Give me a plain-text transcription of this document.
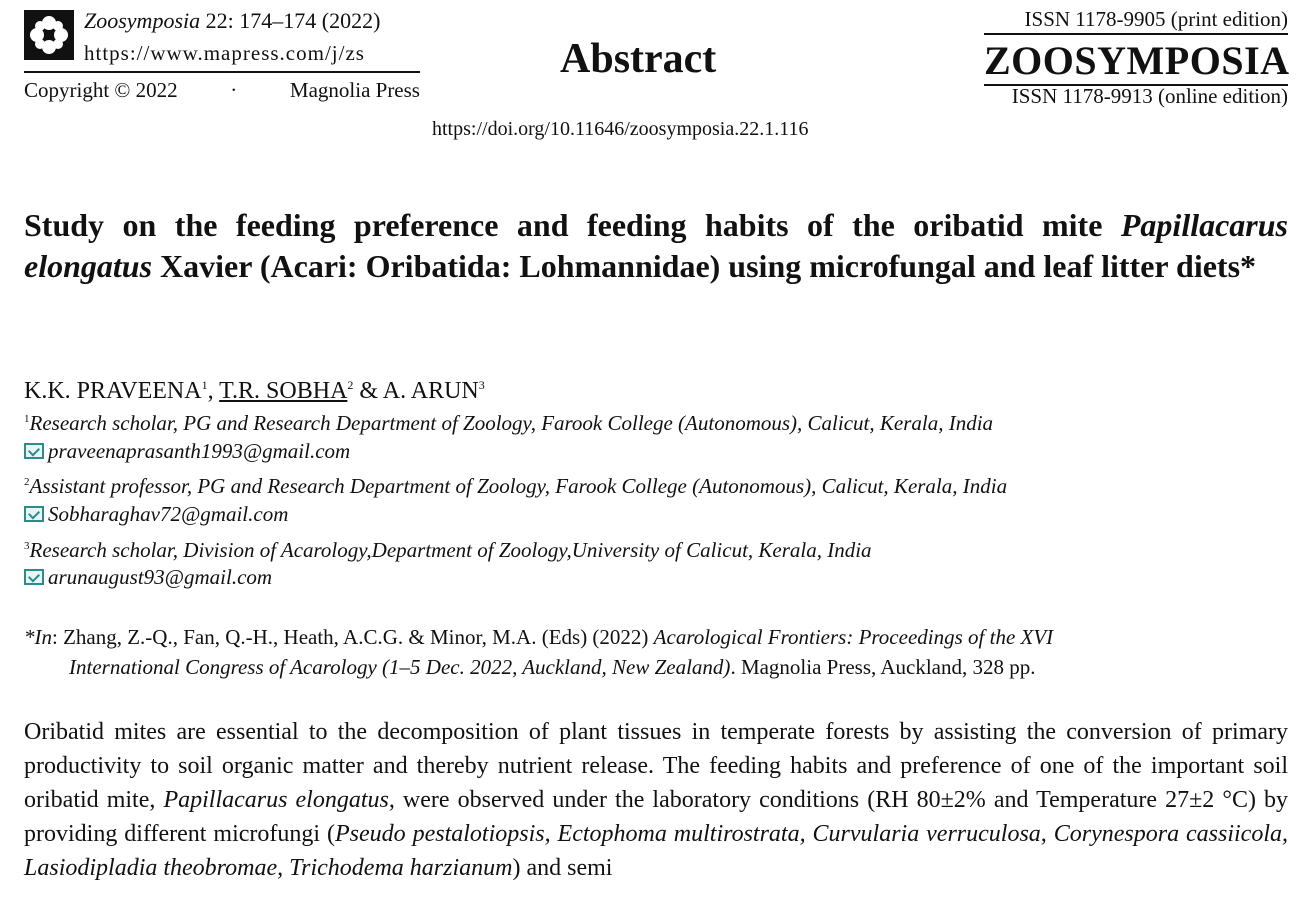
Zoosymposia 22: 174–174 (2022)
https://www.mapress.com/j/zs
Copyright © 2022	·	Magnolia Press
Abstract
ISSN 1178-9905 (print edition)
ZOOSYMPOSIA
ISSN 1178-9913 (online edition)
https://doi.org/10.11646/zoosymposia.22.1.116
Study on the feeding preference and feeding habits of the oribatid mite Papillacarus elongatus Xavier (Acari: Oribatida: Lohmannidae) using microfungal and leaf litter diets*
K.K. PRAVEENA$^1$, T.R. SOBHA$^2$ & A. ARUN$^3$
$^1$Research scholar, PG and Research Department of Zoology, Farook College (Autonomous), Calicut, Kerala, India
praveenaprasanth1993@gmail.com
$^2$Assistant professor, PG and Research Department of Zoology, Farook College (Autonomous), Calicut, Kerala, India
Sobharaghav72@gmail.com
$^3$Research scholar, Division of Acarology,Department of Zoology,University of Calicut, Kerala, India
arunaugust93@gmail.com
*In: Zhang, Z.-Q., Fan, Q.-H., Heath, A.C.G. & Minor, M.A. (Eds) (2022) Acarological Frontiers: Proceedings of the XVI
International Congress of Acarology (1–5 Dec. 2022, Auckland, New Zealand). Magnolia Press, Auckland, 328 pp.
Oribatid mites are essential to the decomposition of plant tissues in temperate forests by assisting the conversion of primary productivity to soil organic matter and thereby nutrient release. The feeding habits and preference of one of the important soil oribatid mite, Papillacarus elongatus, were observed under the laboratory conditions (RH 80±2% and Temperature 27±2 °C) by providing different microfungi (Pseudo pestalotiopsis, Ectophoma multirostrata, Curvularia verruculosa, Corynespora cassiicola, Lasiodipladia theobromae, Trichodema harzianum) and semi
